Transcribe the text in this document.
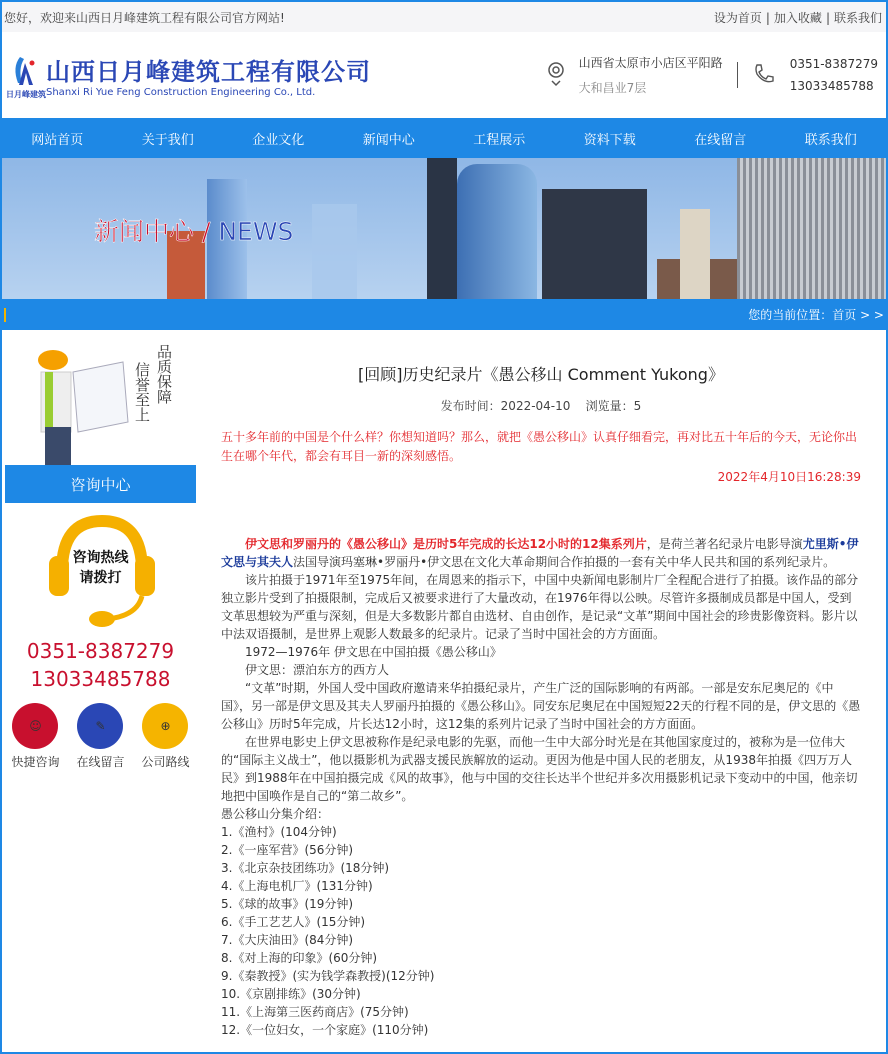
您好，欢迎来山西日月峰建筑工程有限公司官方网站!	设为首页 | 加入收藏 | 联系我们
日月峰建筑
山西日月峰建筑工程有限公司
Shanxi Ri Yue Feng Construction Engineering Co., Ltd.
山西省太原市小店区平阳路
大和昌业7层
0351-8387279
13033485788
网站首页	关于我们	企业文化	新闻中心	工程展示	资料下载	在线留言	联系我们
新闻中心 / NEWS
您的当前位置：首页 > >
品质保障
信誉至上
咨询中心
咨询热线
请拨打
0351-8387279
13033485788
☺
快捷咨询
✎
在线留言
⊕
公司路线
[回顾]历史纪录片《愚公移山 Comment Yukong》
发布时间：2022-04-10    浏览量：5
五十多年前的中国是个什么样？你想知道吗？那么，就把《愚公移山》认真仔细看完，再对比五十年后的今天，无论你出生在哪个年代，都会有耳目一新的深刻感悟。
2022年4月10日16:28:39

伊文思和罗丽丹的《愚公移山》是历时5年完成的长达12小时的12集系列片，是荷兰著名纪录片电影导演尤里斯•伊文思与其夫人法国导演玛塞琳•罗丽丹•伊文思在文化大革命期间合作拍摄的一套有关中华人民共和国的系列纪录片。

该片拍摄于1971年至1975年间，在周恩来的指示下，中国中央新闻电影制片厂全程配合进行了拍摄。该作品的部分独立影片受到了拍摄限制，完成后又被要求进行了大量改动，在1976年得以公映。尽管许多摄制成员都是中国人，受到文革思想较为严重与深刻，但是大多数影片都自由选材、自由创作，是记录“文革”期间中国社会的珍贵影像资料。影片以中法双语摄制，是世界上观影人数最多的纪录片。记录了当时中国社会的方方面面。

1972—1976年 伊文思在中国拍摄《愚公移山》

伊文思：漂泊东方的西方人

“文革”时期，外国人受中国政府邀请来华拍摄纪录片，产生广泛的国际影响的有两部。一部是安东尼奥尼的《中国》，另一部是伊文思及其夫人罗丽丹拍摄的《愚公移山》。同安东尼奥尼在中国短短22天的行程不同的是，伊文思的《愚公移山》历时5年完成，片长达12小时，这12集的系列片记录了当时中国社会的方方面面。

在世界电影史上伊文思被称作是纪录电影的先驱，而他一生中大部分时光是在其他国家度过的，被称为是一位伟大的“国际主义战士”，他以摄影机为武器支援民族解放的运动。更因为他是中国人民的老朋友，从1938年拍摄《四万万人民》到1988年在中国拍摄完成《风的故事》，他与中国的交往长达半个世纪并多次用摄影机记录下变动中的中国，他亲切地把中国唤作是自己的“第二故乡”。

愚公移山分集介绍：

1.《渔村》(104分钟)
2.《一座军营》(56分钟)
3.《北京杂技团练功》(18分钟)
4.《上海电机厂》(131分钟)
5.《球的故事》(19分钟)
6.《手工艺艺人》(15分钟)
7.《大庆油田》(84分钟)
8.《对上海的印象》(60分钟)
9.《秦教授》(实为钱学森教授)(12分钟)
10.《京剧排练》(30分钟)
11.《上海第三医药商店》(75分钟)
12.《一位妇女，一个家庭》(110分钟)
